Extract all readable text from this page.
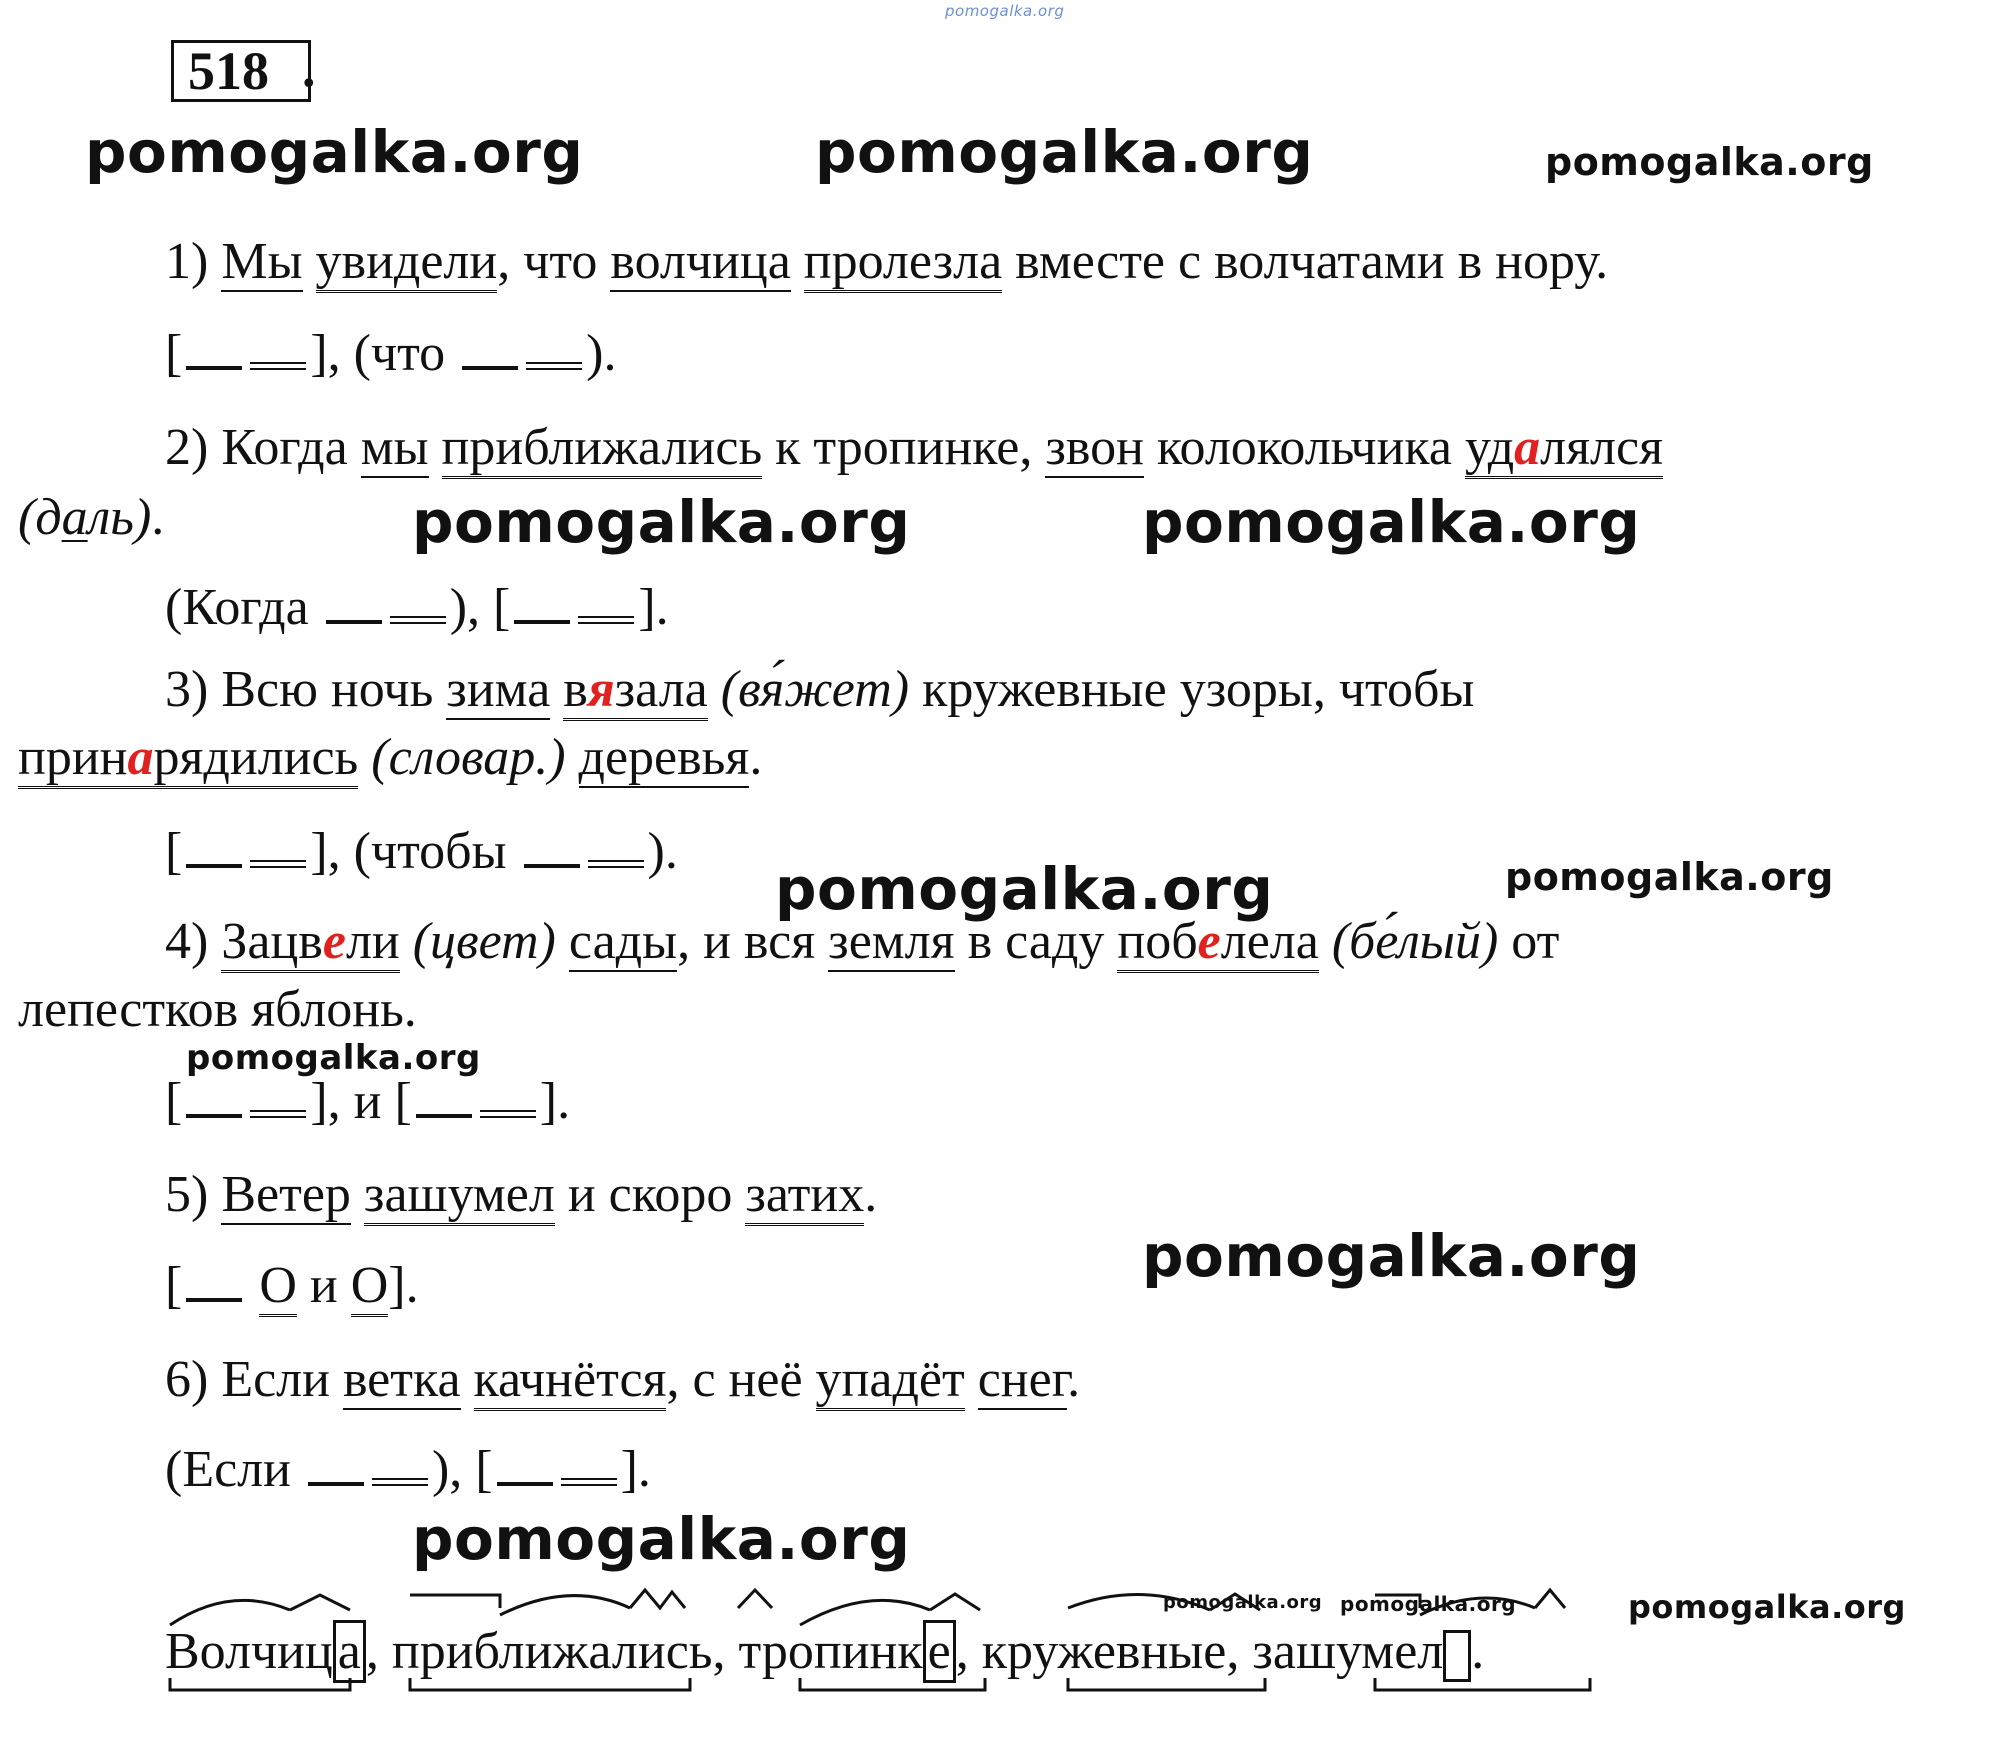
pomogalka.org
pomogalka.org	pomogalka.org	pomogalka.org
pomogalka.org	pomogalka.org
pomogalka.org	pomogalka.org
pomogalka.org
pomogalka.org
pomogalka.org
pomogalka.org pomogalka.org	pomogalka.org
518 .
1) Мы увидели, что волчица пролезла вместе с волчатами в нору.
[ ], (что	).
2) Когда мы приближались к тропинке, звон колокольчика удалялся
(даль).
(Когда	), [ ].
3) Всю ночь зима вязала (вя́жет) кружевные узоры, чтобы
принарядились (словар.) деревья.
[ ], (чтобы	).
4) Зацвели (цвет) сады, и вся земля в саду побелела (бе́лый) от
лепестков яблонь.
[ ], и [ ].
5) Ветер зашумел и скоро затих.
[ О и О].
6) Если ветка качнётся, с неё упадёт снег.
(Если	), [ ].
Волчица, приближались, тропинке, кружевные, зашумел .
